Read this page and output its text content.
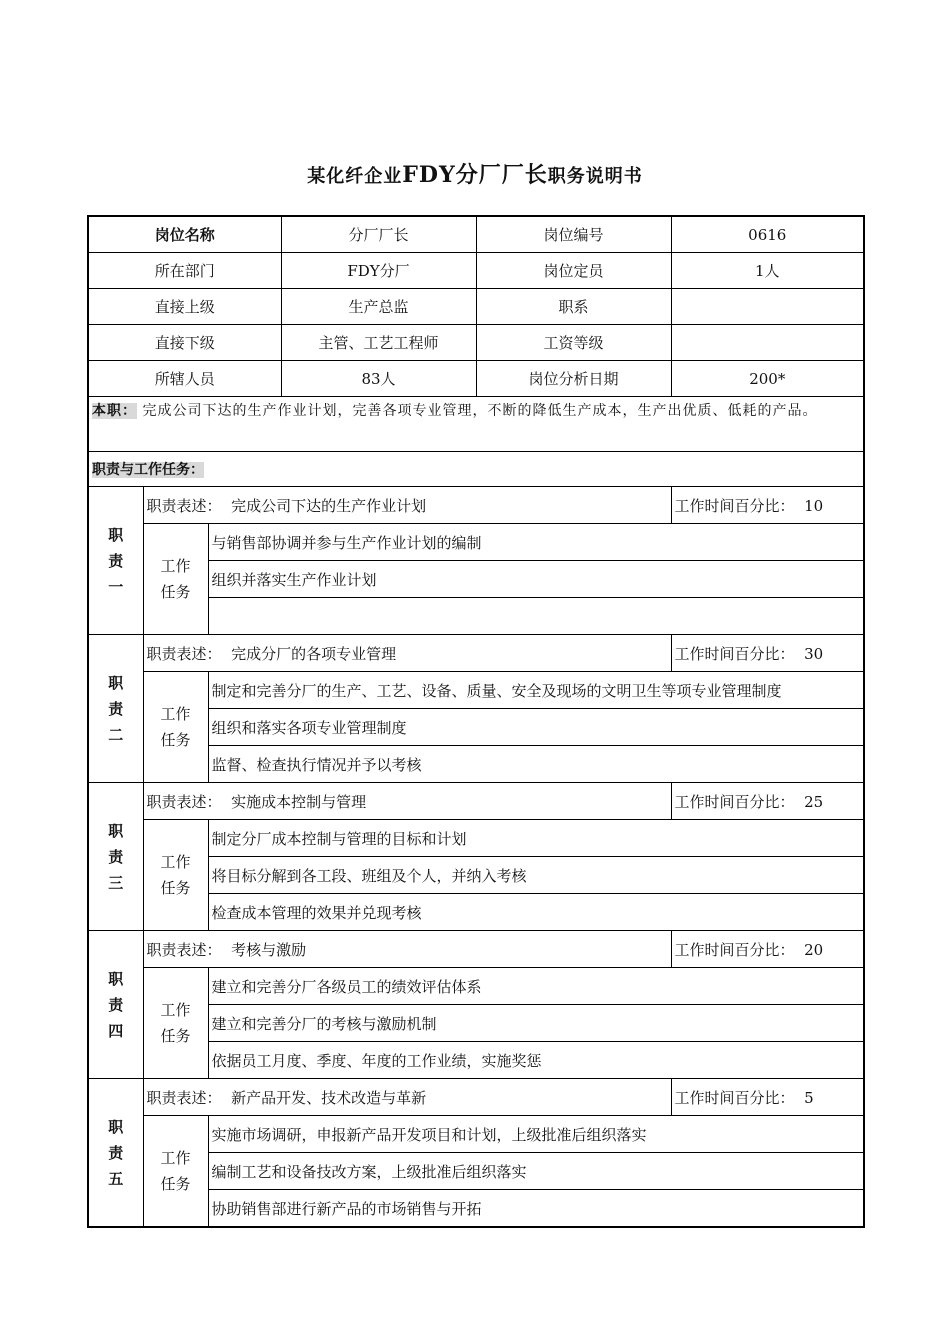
某化纤企业FDY分厂厂长职务说明书
岗位名称			分厂厂长	岗位编号	0616
所在部门			FDY分厂	岗位定员	1人
直接上级			生产总监	职系	
直接下级			主管、工艺工程师	工资等级	
所辖人员			83人	岗位分析日期	200*
本职： 完成公司下达的生产作业计划，完善各项专业管理，不断的降低生产成本，生产出优质、低耗的产品。					
职责与工作任务：					
职责一	职责表述： 完成公司下达的生产作业计划				工作时间百分比： 10
	工作任务	与销售部协调并参与生产作业计划的编制			
		组织并落实生产作业计划			

职责二	职责表述： 完成分厂的各项专业管理				工作时间百分比： 30
	工作任务	制定和完善分厂的生产、工艺、设备、质量、安全及现场的文明卫生等项专业管理制度			
		组织和落实各项专业管理制度			
		监督、检查执行情况并予以考核			
职责三	职责表述： 实施成本控制与管理				工作时间百分比： 25
	工作任务	制定分厂成本控制与管理的目标和计划			
		将目标分解到各工段、班组及个人，并纳入考核			
		检查成本管理的效果并兑现考核			
职责四	职责表述： 考核与激励				工作时间百分比： 20
	工作任务	建立和完善分厂各级员工的绩效评估体系			
		建立和完善分厂的考核与激励机制			
		依据员工月度、季度、年度的工作业绩，实施奖惩			
职责五	职责表述： 新产品开发、技术改造与革新				工作时间百分比： 5
	工作任务	实施市场调研，申报新产品开发项目和计划，上级批准后组织落实			
		编制工艺和设备技改方案，上级批准后组织落实			
		协助销售部进行新产品的市场销售与开拓			
